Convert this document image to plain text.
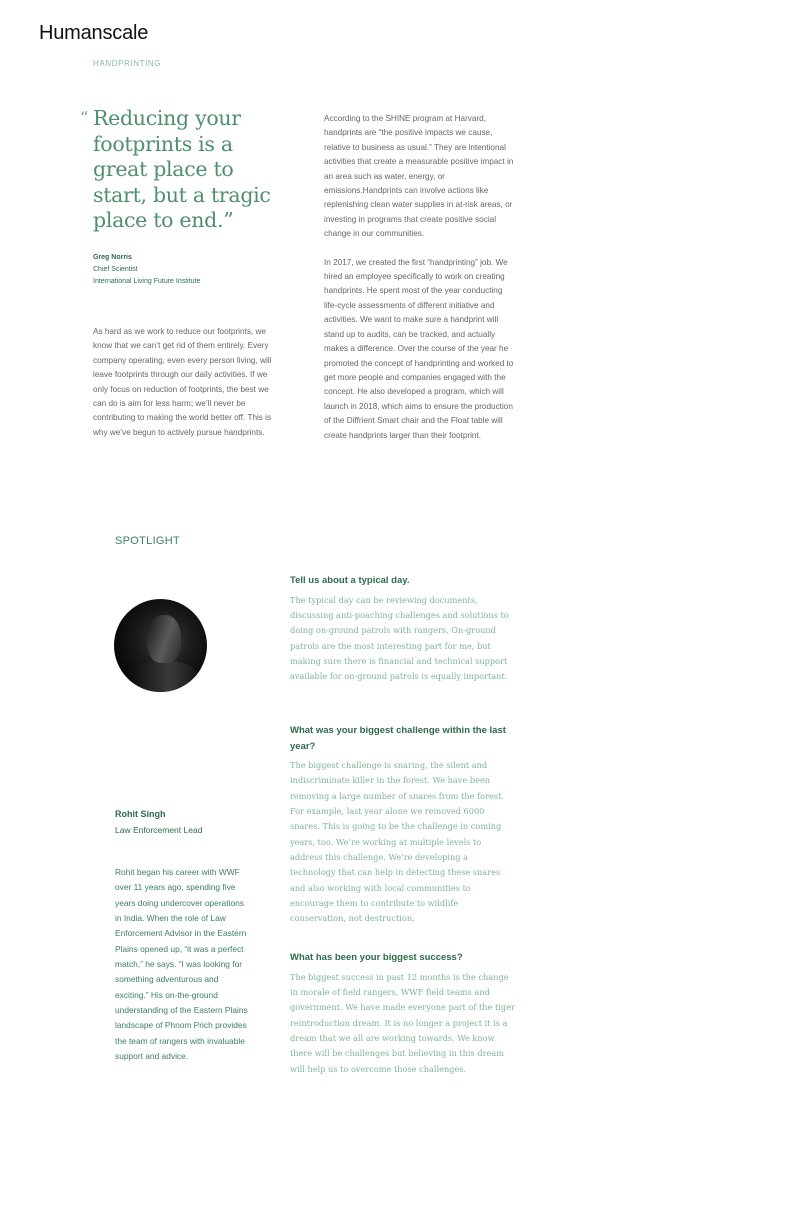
Humanscale
HANDPRINTING
“ Reducing your
footprints is a
great place to
start, but a tragic
place to end.”
Greg Norris
Chief Scientist
International Living Future Institute
As hard as we work to reduce our footprints, we know that we can’t get rid of them entirely. Every company operating, even every person living, will leave footprints through our daily activities. If we only focus on reduction of footprints, the best we can do is aim for less harm; we’ll never be contributing to making the world better off. This is why we’ve begun to actively pursue handprints.

According to the SHINE program at Harvard, handprints are “the positive impacts we cause, relative to business as usual.” They are intentional activities that create a measurable positive impact in an area such as water, energy, or emissions.Handprints can involve actions like replenishing clean water supplies in at-risk areas, or investing in programs that create positive social change in our communities.

In 2017, we created the first “handprinting” job. We hired an employee specifically to work on creating handprints. He spent most of the year conducting life-cycle assessments of different initiative and activities. We want to make sure a handprint will stand up to audits, can be tracked, and actually makes a difference. Over the course of the year he promoted the concept of handprinting and worked to get more people and companies engaged with the concept. He also developed a program, which will launch in 2018, which aims to ensure the production of the Diffrient Smart chair and the Float table will create handprints larger than their footprint.

SPOTLIGHT
Rohit Singh
Law Enforcement Lead
Rohit began his career with WWF over 11 years ago, spending five years doing undercover operations in India. When the role of Law Enforcement Advisor in the Eastern Plains opened up, “it was a perfect match,” he says. “I was looking for something adventurous and exciting.” His on-the-ground understanding of the Eastern Plains landscape of Phnom Prich provides the team of rangers with invaluable support and advice.
Tell us about a typical day.
The typical day can be reviewing documents, discussing anti-poaching challenges and solutions to doing on-ground patrols with rangers. On-ground patrols are the most interesting part for me, but making sure there is financial and technical support available for on-ground patrols is equally important.
What was your biggest challenge within the last year?
The biggest challenge is snaring, the silent and indiscriminate killer in the forest. We have been removing a large number of snares from the forest. For example, last year alone we removed 6000 snares. This is going to be the challenge in coming years, too. We’re working at multiple levels to address this challenge. We’re developing a technology that can help in detecting these snares and also working with local communities to encourage them to contribute to wildlife conservation, not destruction.
What has been your biggest success?
The biggest success in past 12 months is the change in morale of field rangers, WWF field teams and government. We have made everyone part of the tiger reintroduction dream. It is no longer a project it is a dream that we all are working towards. We know there will be challenges but believing in this dream will help us to overcome those challenges.
